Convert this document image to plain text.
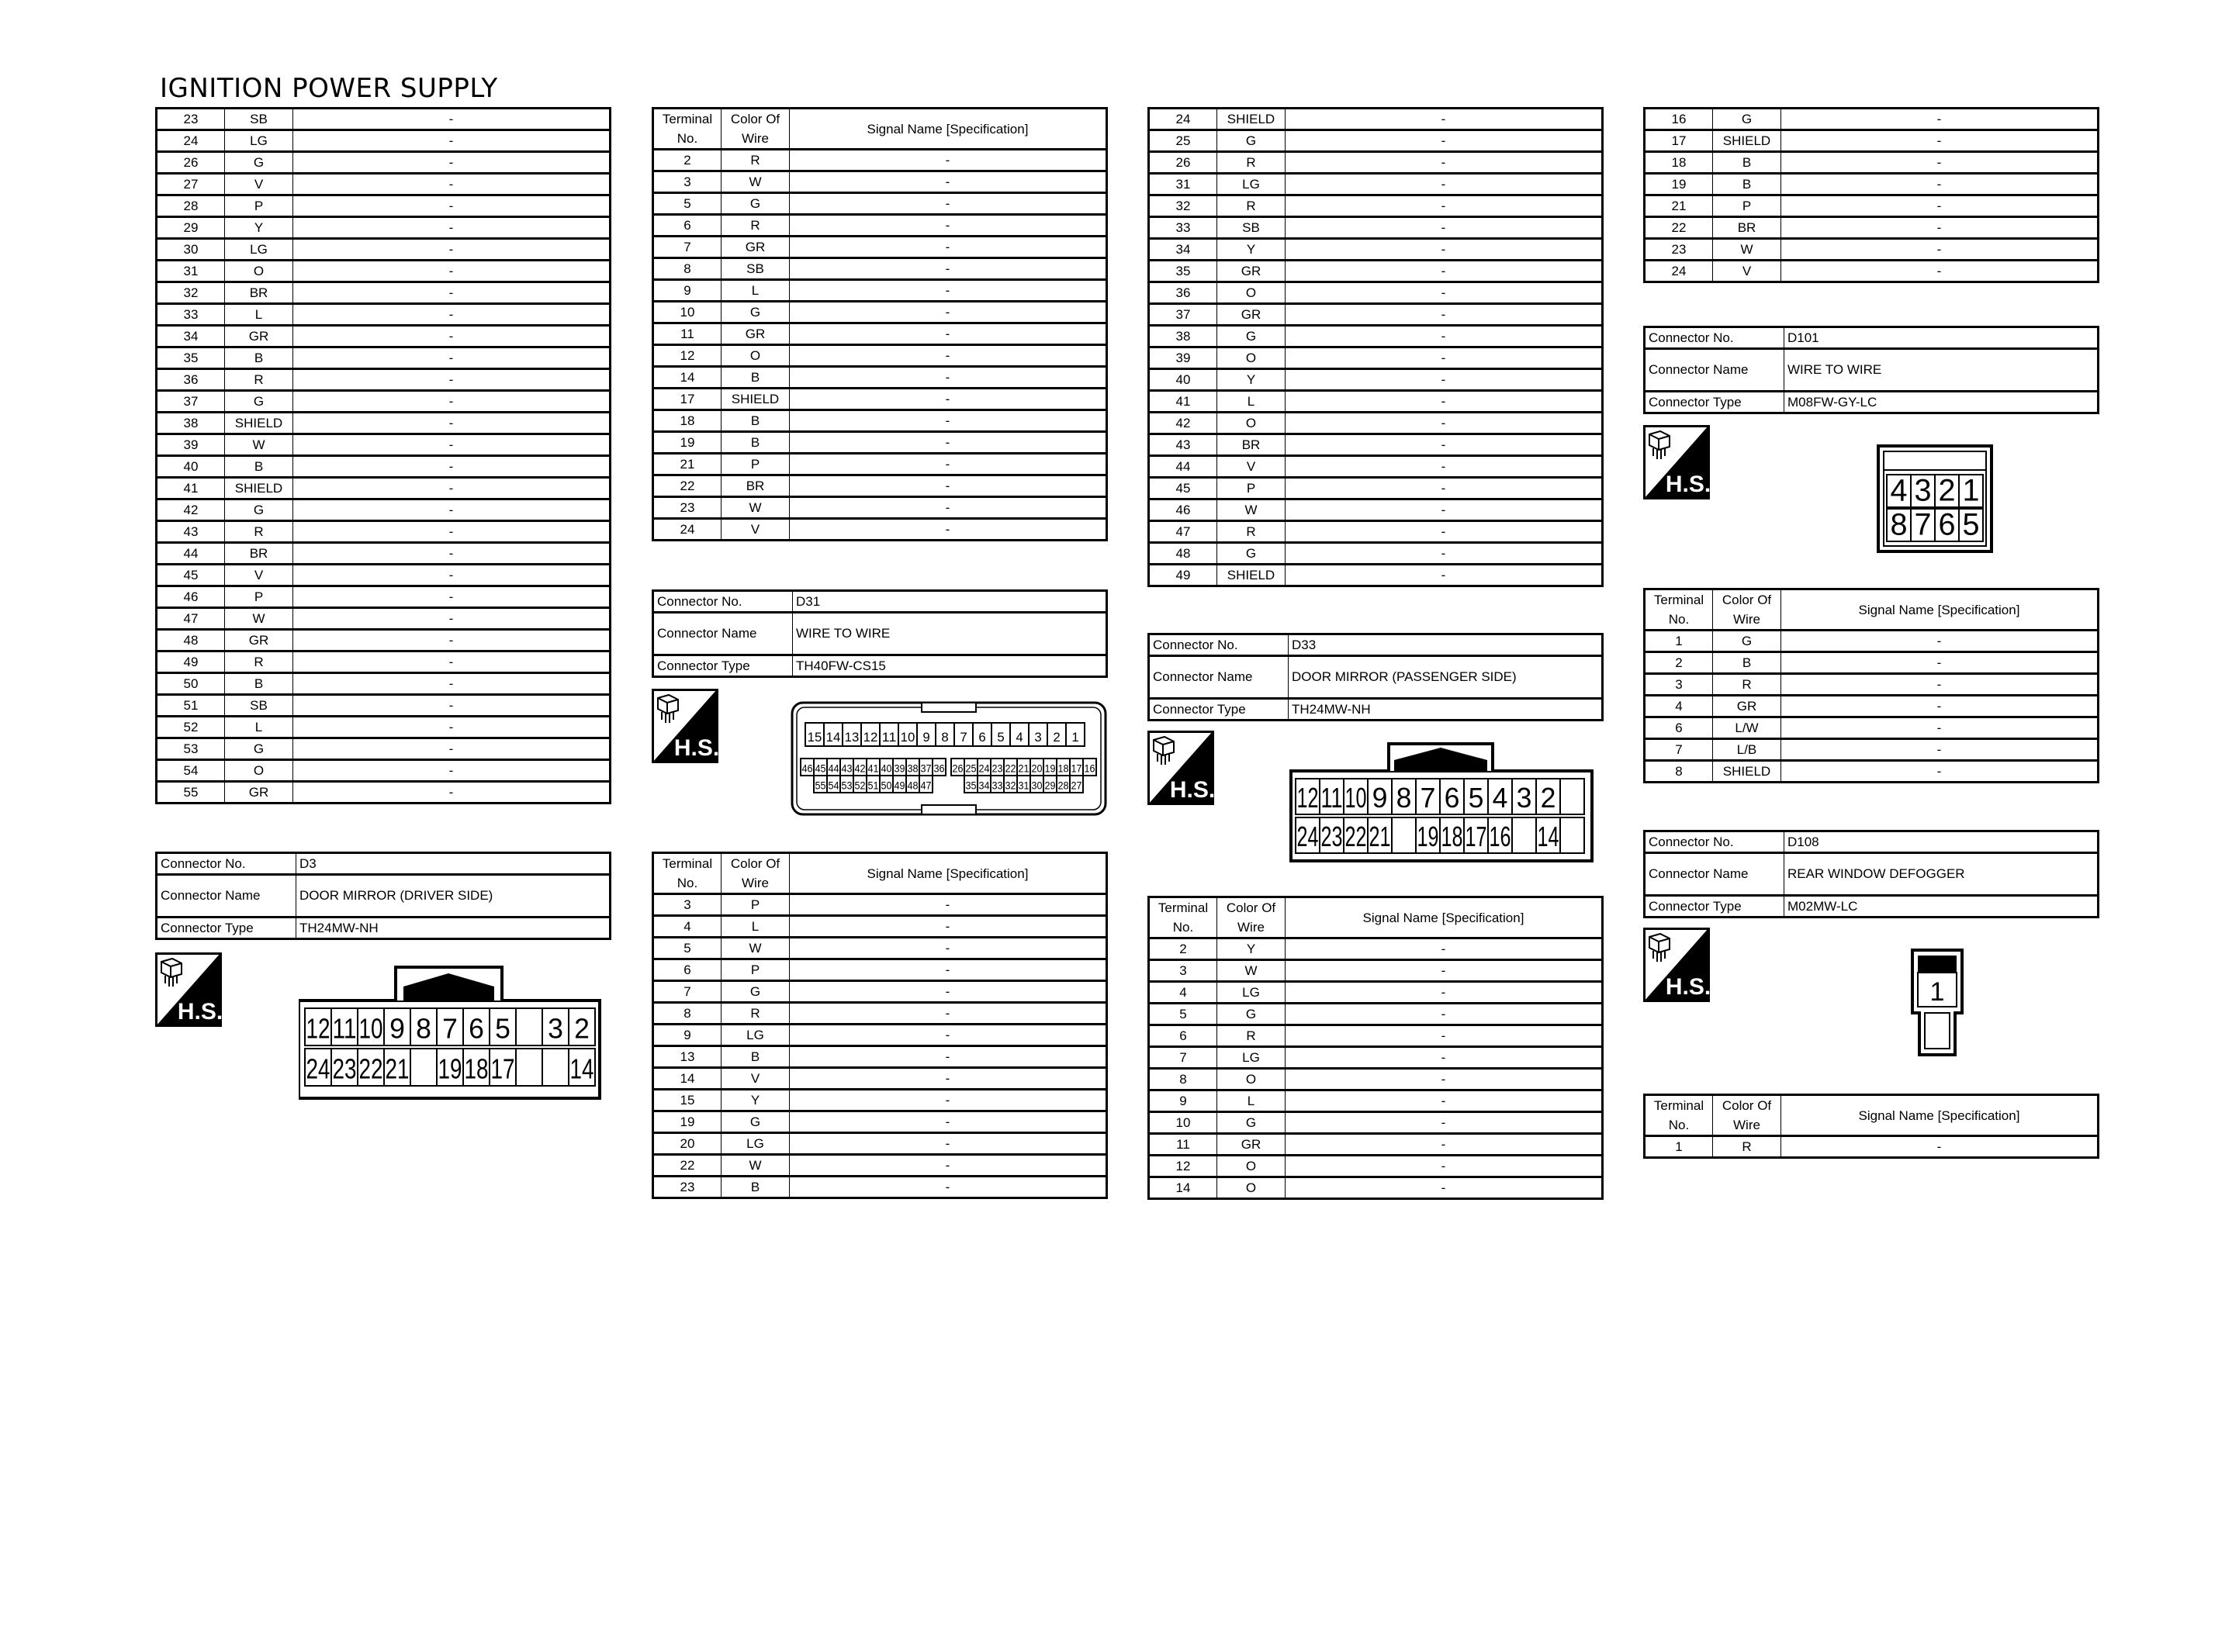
IGNITION POWER SUPPLY
23	SB	-
24	LG	-
26	G	-
27	V	-
28	P	-
29	Y	-
30	LG	-
31	O	-
32	BR	-
33	L	-
34	GR	-
35	B	-
36	R	-
37	G	-
38	SHIELD	-
39	W	-
40	B	-
41	SHIELD	-
42	G	-
43	R	-
44	BR	-
45	V	-
46	P	-
47	W	-
48	GR	-
49	R	-
50	B	-
51	SB	-
52	L	-
53	G	-
54	O	-
55	GR	-
Connector No.	D3
Connector Name	DOOR MIRROR (DRIVER SIDE)
Connector Type	TH24MW-NH
H.S.
12 11 10 9 8 7 6 5 3 2
24 23 22 21 19 18 17 14
Terminal No.	Color Of Wire	Signal Name [Specification]
2	R	-
3	W	-
5	G	-
6	R	-
7	GR	-
8	SB	-
9	L	-
10	G	-
11	GR	-
12	O	-
14	B	-
17	SHIELD	-
18	B	-
19	B	-
21	P	-
22	BR	-
23	W	-
24	V	-
Connector No.	D31
Connector Name	WIRE TO WIRE
Connector Type	TH40FW-CS15
H.S.	15 14 13 12 11 10 9 8 7 6 5 4 3 2 1
46 45 44 43 42 41 40 39 38 37 36 26 25 24 23 22 21 20 19 18 17 16
55 54 53 52 51 50 49 48 47	35 34 33 32 31 30 29 28 27
Terminal No.	Color Of Wire	Signal Name [Specification]
3	P	-
4	L	-
5	W	-
6	P	-
7	G	-
8	R	-
9	LG	-
13	B	-
14	V	-
15	Y	-
19	G	-
20	LG	-
22	W	-
23	B	-
24	SHIELD	-
25	G	-
26	R	-
31	LG	-
32	R	-
33	SB	-
34	Y	-
35	GR	-
36	O	-
37	GR	-
38	G	-
39	O	-
40	Y	-
41	L	-
42	O	-
43	BR	-
44	V	-
45	P	-
46	W	-
47	R	-
48	G	-
49	SHIELD	-
Connector No.	D33
Connector Name	DOOR MIRROR (PASSENGER SIDE)
Connector Type	TH24MW-NH
H.S.	12 11 10 9 8 7 6 5 4 3 2
24 23 22 21 19 18 17 16 14
Terminal No.	Color Of Wire	Signal Name [Specification]
2	Y	-
3	W	-
4	LG	-
5	G	-
6	R	-
7	LG	-
8	O	-
9	L	-
10	G	-
11	GR	-
12	O	-
14	O	-
16	G	-
17	SHIELD	-
18	B	-
19	B	-
21	P	-
22	BR	-
23	W	-
24	V	-
Connector No.	D101
Connector Name	WIRE TO WIRE
Connector Type	M08FW-GY-LC
H.S.	4 3 2 1
8 7 6 5
Terminal No.	Color Of Wire	Signal Name [Specification]
1	G	-
2	B	-
3	R	-
4	GR	-
6	L/W	-
7	L/B	-
8	SHIELD	-
Connector No.	D108
Connector Name	REAR WINDOW DEFOGGER
Connector Type	M02MW-LC
H.S.	1
Terminal No.	Color Of Wire	Signal Name [Specification]
1	R	-
